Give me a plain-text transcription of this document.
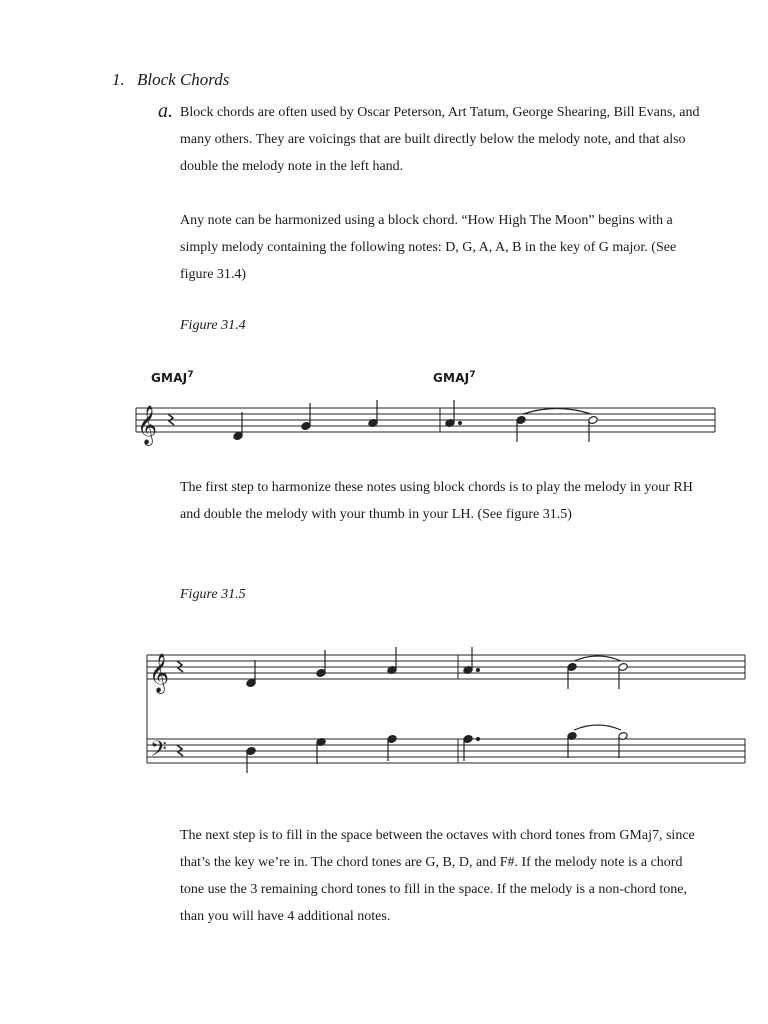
1. Block Chords
a. Block chords are often used by Oscar Peterson, Art Tatum, George Shearing, Bill Evans, and many others. They are voicings that are built directly below the melody note, and that also double the melody note in the left hand.

Any note can be harmonized using a block chord. “How High The Moon” begins with a simply melody containing the following notes: D, G, A, A, B in the key of G major. (See figure 31.4)

Figure 31.4
GMAJ$^7$	GMAJ$^7$
𝄞
𝄞
𝄢

The first step to harmonize these notes using block chords is to play the melody in your RH and double the melody with your thumb in your LH. (See figure 31.5)

Figure 31.5

The next step is to fill in the space between the octaves with chord tones from GMaj7, since that’s the key we’re in. The chord tones are G, B, D, and F#. If the melody note is a chord tone use the 3 remaining chord tones to fill in the space. If the melody is a non-chord tone, than you will have 4 additional notes.
